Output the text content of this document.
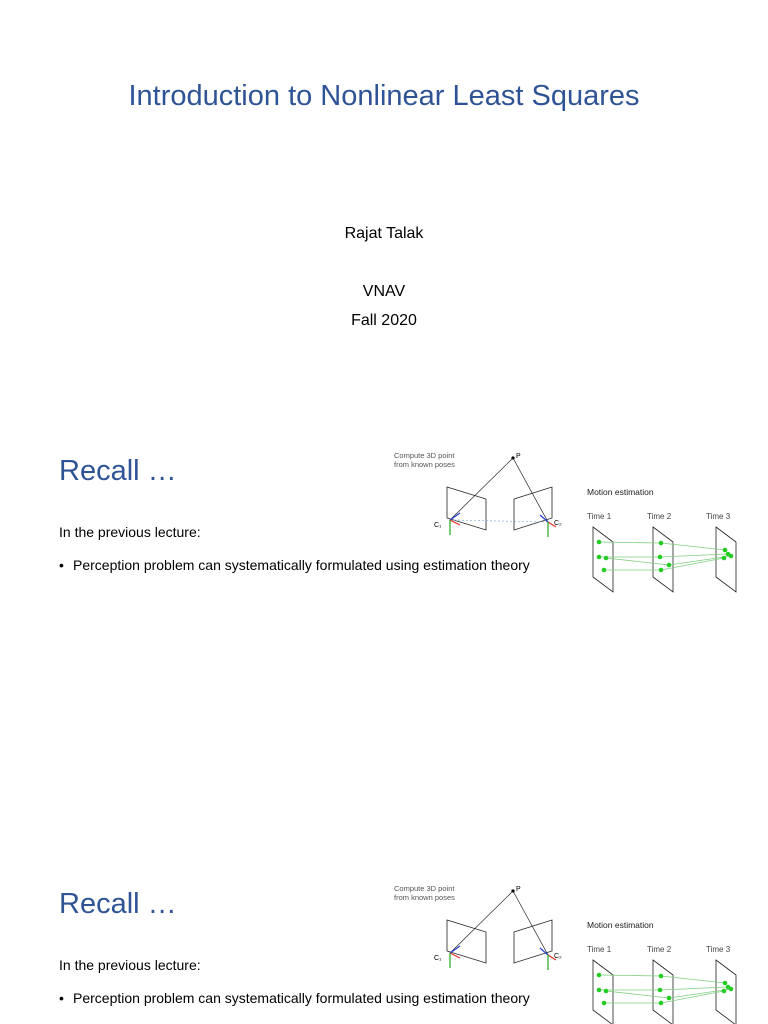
Introduction to Nonlinear Least Squares
Rajat Talak
VNAV
Fall 2020
Recall …
In the previous lecture:
• Perception problem can systematically formulated using estimation theory
Compute 3D point
from known poses
P
C₁	C₂
Motion estimation
Time 1	Time 2	Time 3
Recall …
In the previous lecture:
• Perception problem can systematically formulated using estimation theory
Compute 3D point
from known poses
P
C₁	C₂
Motion estimation
Time 1	Time 2	Time 3
